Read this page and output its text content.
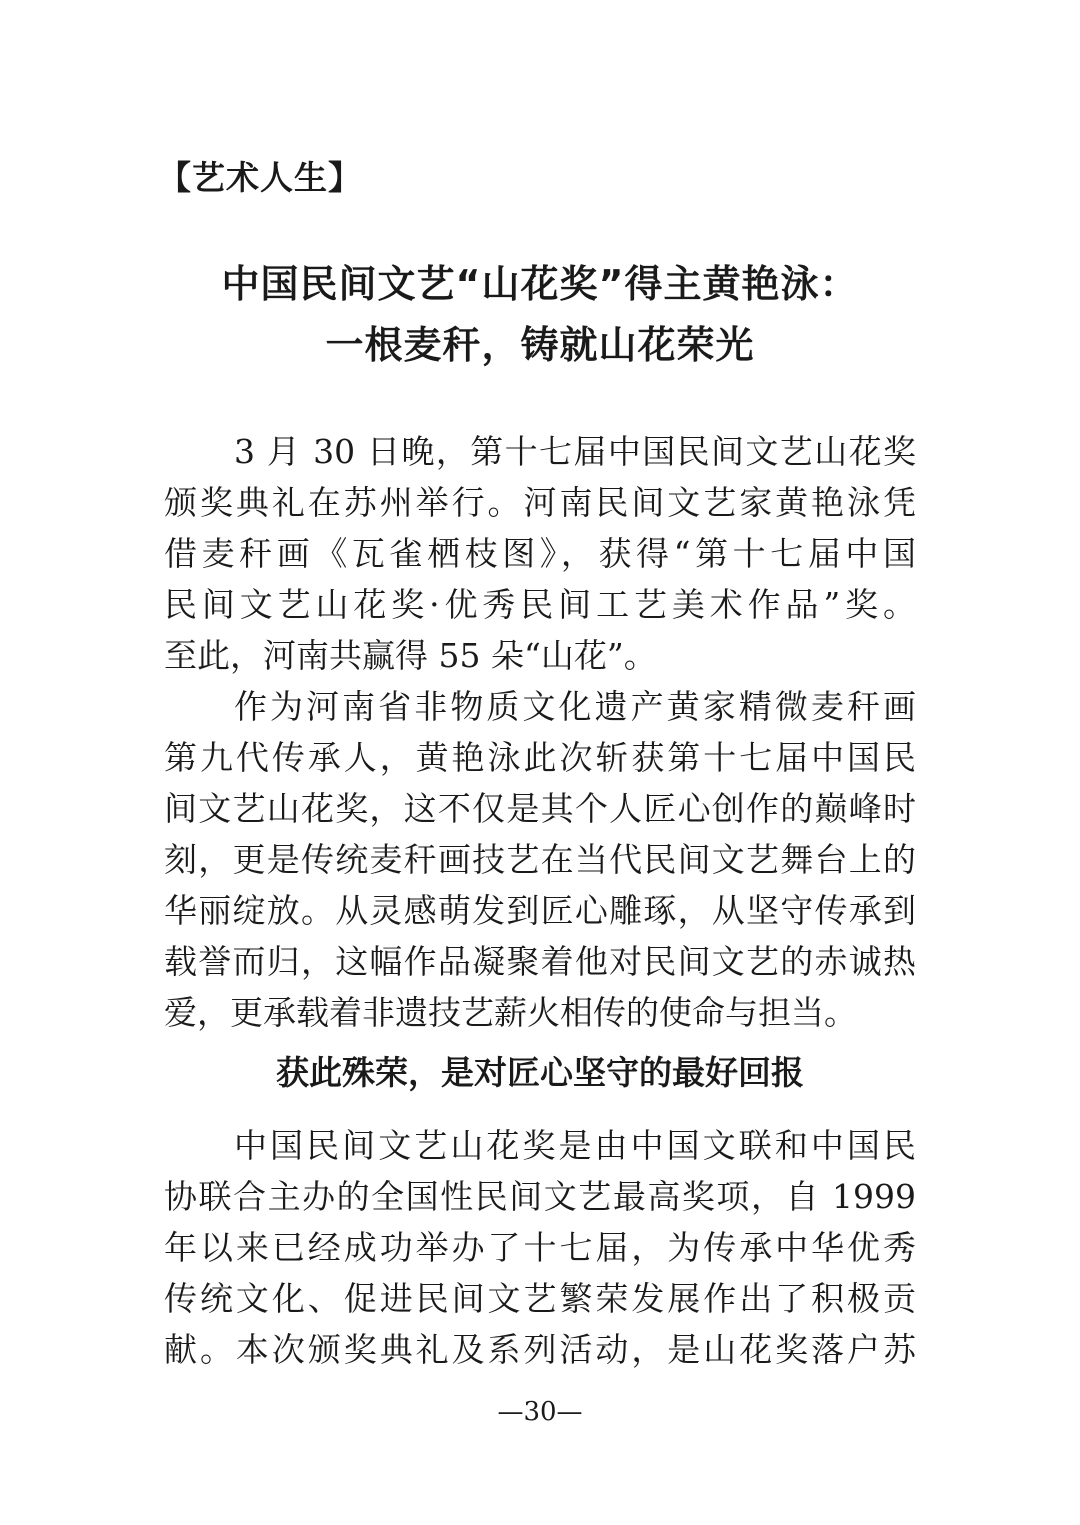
【艺术人生】
中国民间文艺“山花奖”得主黄艳泳：
一根麦秆，铸就山花荣光
3 月 30 日晚，第十七届中国民间文艺山花奖
颁奖典礼在苏州举行。河南民间文艺家黄艳泳凭
借麦秆画《瓦雀栖枝图》，获得“第十七届中国
民间文艺山花奖·优秀民间工艺美术作品”奖。
至此，河南共赢得 55 朵“山花”。
作为河南省非物质文化遗产黄家精微麦秆画
第九代传承人，黄艳泳此次斩获第十七届中国民
间文艺山花奖，这不仅是其个人匠心创作的巅峰时
刻，更是传统麦秆画技艺在当代民间文艺舞台上的
华丽绽放。从灵感萌发到匠心雕琢，从坚守传承到
载誉而归，这幅作品凝聚着他对民间文艺的赤诚热
爱，更承载着非遗技艺薪火相传的使命与担当。
获此殊荣，是对匠心坚守的最好回报
中国民间文艺山花奖是由中国文联和中国民
协联合主办的全国性民间文艺最高奖项，自 1999
年以来已经成功举办了十七届，为传承中华优秀
传统文化、促进民间文艺繁荣发展作出了积极贡
献。本次颁奖典礼及系列活动，是山花奖落户苏
—30—
